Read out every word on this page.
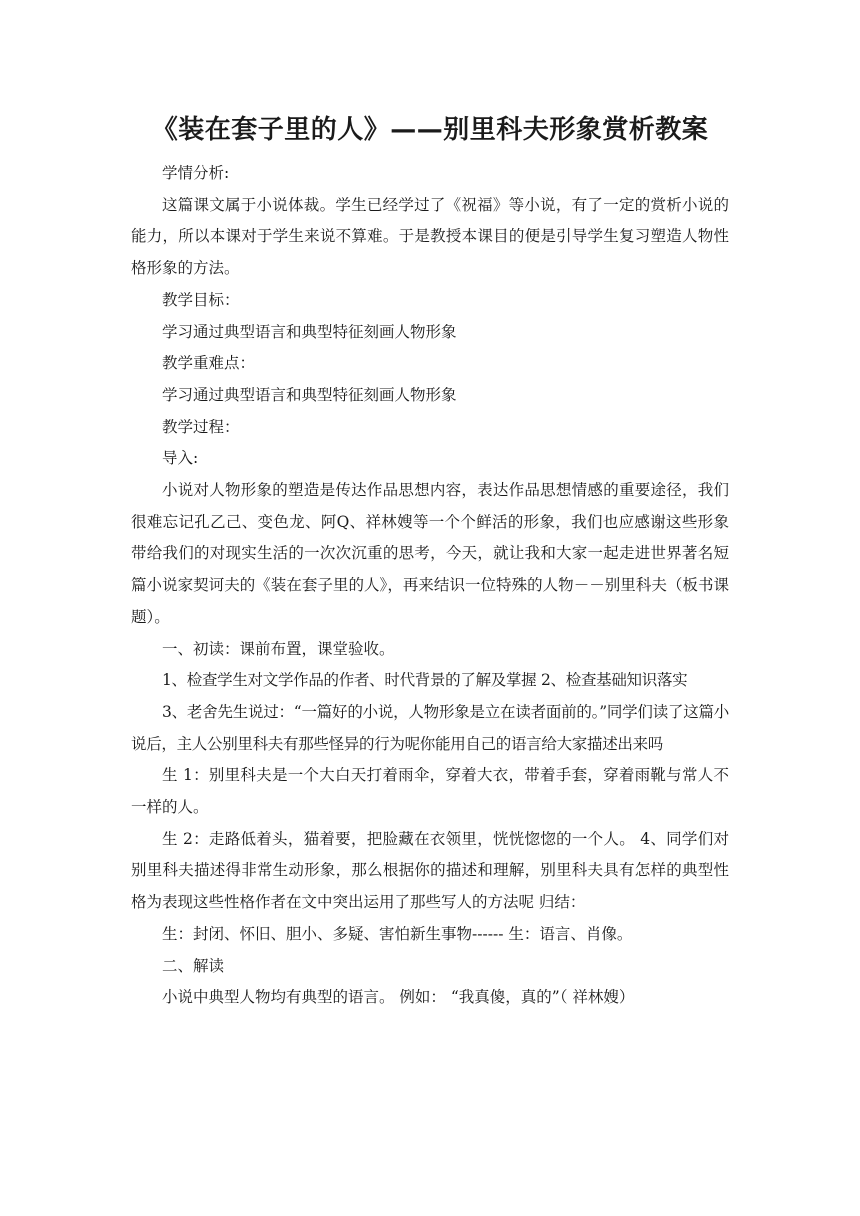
《装在套子里的人》——别里科夫形象赏析教案

学情分析:

这篇课文属于小说体裁。学生已经学过了《祝福》等小说，有了一定的赏析小说的能力，所以本课对于学生来说不算难。于是教授本课目的便是引导学生复习塑造人物性格形象的方法。

教学目标：

学习通过典型语言和典型特征刻画人物形象

教学重难点：

学习通过典型语言和典型特征刻画人物形象

教学过程：

导入:

小说对人物形象的塑造是传达作品思想内容，表达作品思想情感的重要途径，我们很难忘记孔乙己、变色龙、阿Q、祥林嫂等一个个鲜活的形象，我们也应感谢这些形象带给我们的对现实生活的一次次沉重的思考，今天，就让我和大家一起走进世界著名短篇小说家契诃夫的《装在套子里的人》，再来结识一位特殊的人物－－别里科夫（板书课题）。

一、初读：课前布置，课堂验收。

1、检查学生对文学作品的作者、时代背景的了解及掌握 2、检查基础知识落实

3、老舍先生说过：“一篇好的小说，人物形象是立在读者面前的。”同学们读了这篇小说后，主人公别里科夫有那些怪异的行为呢你能用自己的语言给大家描述出来吗

生 1：别里科夫是一个大白天打着雨伞，穿着大衣，带着手套，穿着雨靴与常人不一样的人。

生 2：走路低着头，猫着要，把脸藏在衣领里，恍恍惚惚的一个人。 4、同学们对别里科夫描述得非常生动形象，那么根据你的描述和理解，别里科夫具有怎样的典型性格为表现这些性格作者在文中突出运用了那些写人的方法呢 归结：

生：封闭、怀旧、胆小、多疑、害怕新生事物------ 生：语言、肖像。

二、解读

小说中典型人物均有典型的语言。 例如： “我真傻，真的”（ 祥林嫂）
